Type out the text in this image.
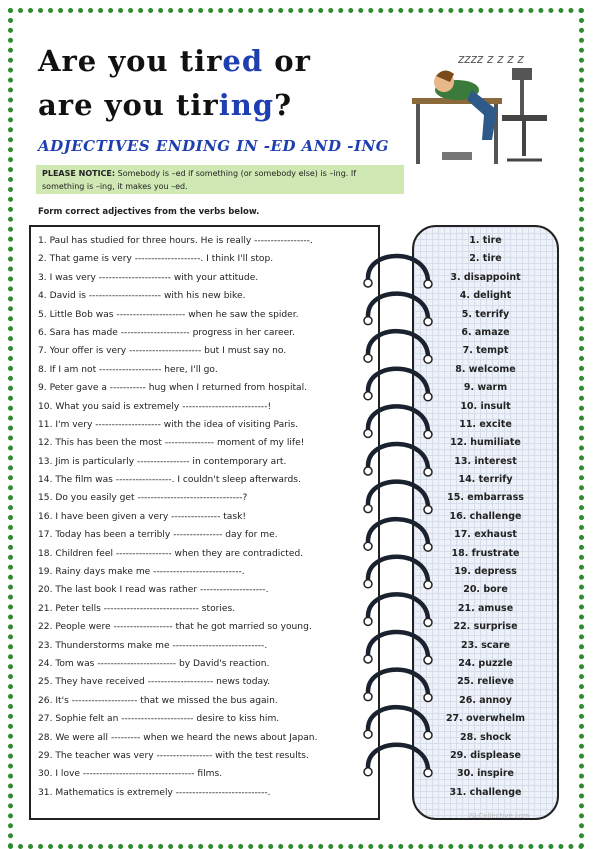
Are you tired or
are you tiring?
ADJECTIVES ENDING IN -ED AND -ING
zzzz z z z z
PLEASE NOTICE: Somebody is –ed if something (or somebody else) is –ing. If something is –ing, it makes you –ed.
Form correct adjectives from the verbs below.
1. Paul has studied for three hours. He is really -----------------.
2. That game is very --------------------. I think I'll stop.
3. I was very ---------------------- with your attitude.
4. David is ---------------------- with his new bike.
5. Little Bob was --------------------- when he saw the spider.
6. Sara has made --------------------- progress in her career.
7. Your offer is very ---------------------- but I must say no.
8. If I am not ------------------- here, I'll go.
9. Peter gave a ----------- hug when I returned from hospital.
10. What you said is extremely --------------------------!
11. I'm very -------------------- with the idea of visiting Paris.
12. This has been the most --------------- moment of my life!
13. Jim is particularly ---------------- in contemporary art.
14. The film was -----------------. I couldn't sleep afterwards.
15. Do you easily get --------------------------------?
16. I have been given a very --------------- task!
17. Today has been a terribly --------------- day for me.
18. Children feel ----------------- when they are contradicted.
19. Rainy days make me ---------------------------.
20. The last book I read was rather --------------------.
21. Peter tells ----------------------------- stories.
22. People were ------------------ that he got married so young.
23. Thunderstorms make me ----------------------------.
24. Tom was ------------------------ by David's reaction.
25. They have received -------------------- news today.
26. It's -------------------- that we missed the bus again.
27. Sophie felt an ---------------------- desire to kiss him.
28. We were all --------- when we heard the news about Japan.
29. The teacher was very ----------------- with the test results.
30. I love ---------------------------------- films.
31. Mathematics is extremely ----------------------------.
1. tire
2. tire
3. disappoint
4. delight
5. terrify
6. amaze
7. tempt
8. welcome
9. warm
10. insult
11. excite
12. humiliate
13. interest
14. terrify
15. embarrass
16. challenge
17. exhaust
18. frustrate
19. depress
20. bore
21. amuse
22. surprise
23. scare
24. puzzle
25. relieve
26. annoy
27. overwhelm
28. shock
29. displease
30. inspire
31. challenge
iSLCollective.com
